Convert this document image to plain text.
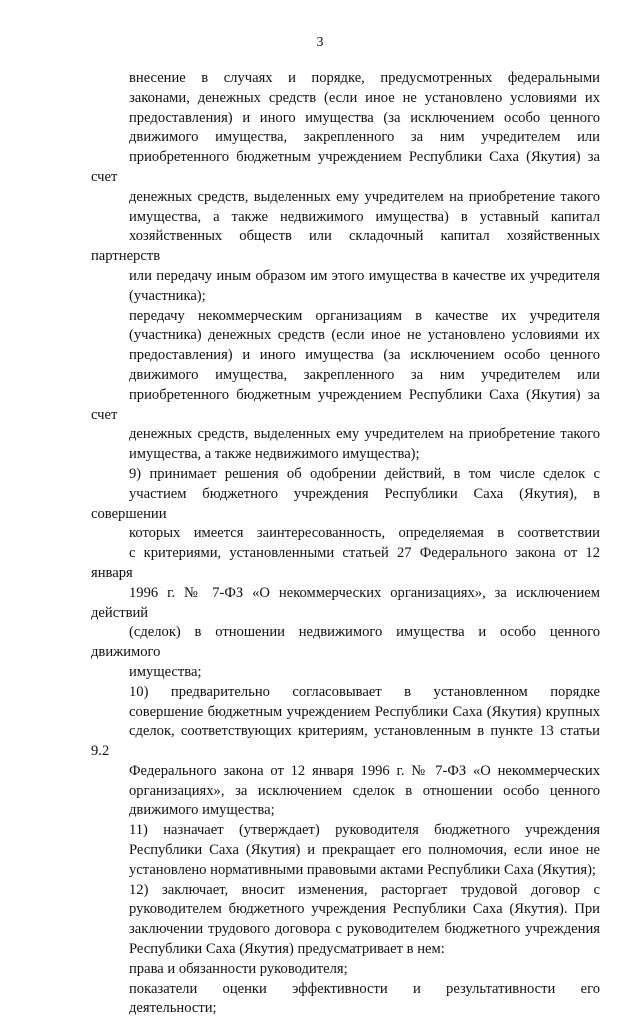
3

внесение в случаях и порядке, предусмотренных федеральными
законами, денежных средств (если иное не установлено условиями их
предоставления) и иного имущества (за исключением особо ценного
движимого имущества, закрепленного за ним учредителем или
приобретенного бюджетным учреждением Республики Саха (Якутия) за счет
денежных средств, выделенных ему учредителем на приобретение такого
имущества, а также недвижимого имущества) в уставный капитал
хозяйственных обществ или складочный капитал хозяйственных партнерств
или передачу иным образом им этого имущества в качестве их учредителя
(участника);

передачу некоммерческим организациям в качестве их учредителя
(участника) денежных средств (если иное не установлено условиями их
предоставления) и иного имущества (за исключением особо ценного
движимого имущества, закрепленного за ним учредителем или
приобретенного бюджетным учреждением Республики Саха (Якутия) за счет
денежных средств, выделенных ему учредителем на приобретение такого
имущества, а также недвижимого имущества);

9) принимает решения об одобрении действий, в том числе сделок с
участием бюджетного учреждения Республики Саха (Якутия), в совершении
которых имеется заинтересованность, определяемая в соответствии
с критериями, установленными статьей 27 Федерального закона от 12 января
1996 г. № 7-ФЗ «О некоммерческих организациях», за исключением действий
(сделок) в отношении недвижимого имущества и особо ценного движимого
имущества;

10) предварительно согласовывает в установленном порядке
совершение бюджетным учреждением Республики Саха (Якутия) крупных
сделок, соответствующих критериям, установленным в пункте 13 статьи 9.2
Федерального закона от 12 января 1996 г. № 7-ФЗ «О некоммерческих
организациях», за исключением сделок в отношении особо ценного
движимого имущества;

11) назначает (утверждает) руководителя бюджетного учреждения
Республики Саха (Якутия) и прекращает его полномочия, если иное не
установлено нормативными правовыми актами Республики Саха (Якутия);

12) заключает, вносит изменения, расторгает трудовой договор с
руководителем бюджетного учреждения Республики Саха (Якутия). При
заключении трудового договора с руководителем бюджетного учреждения
Республики Саха (Якутия) предусматривает в нем:

права и обязанности руководителя;

показатели оценки эффективности и результативности его
деятельности;
